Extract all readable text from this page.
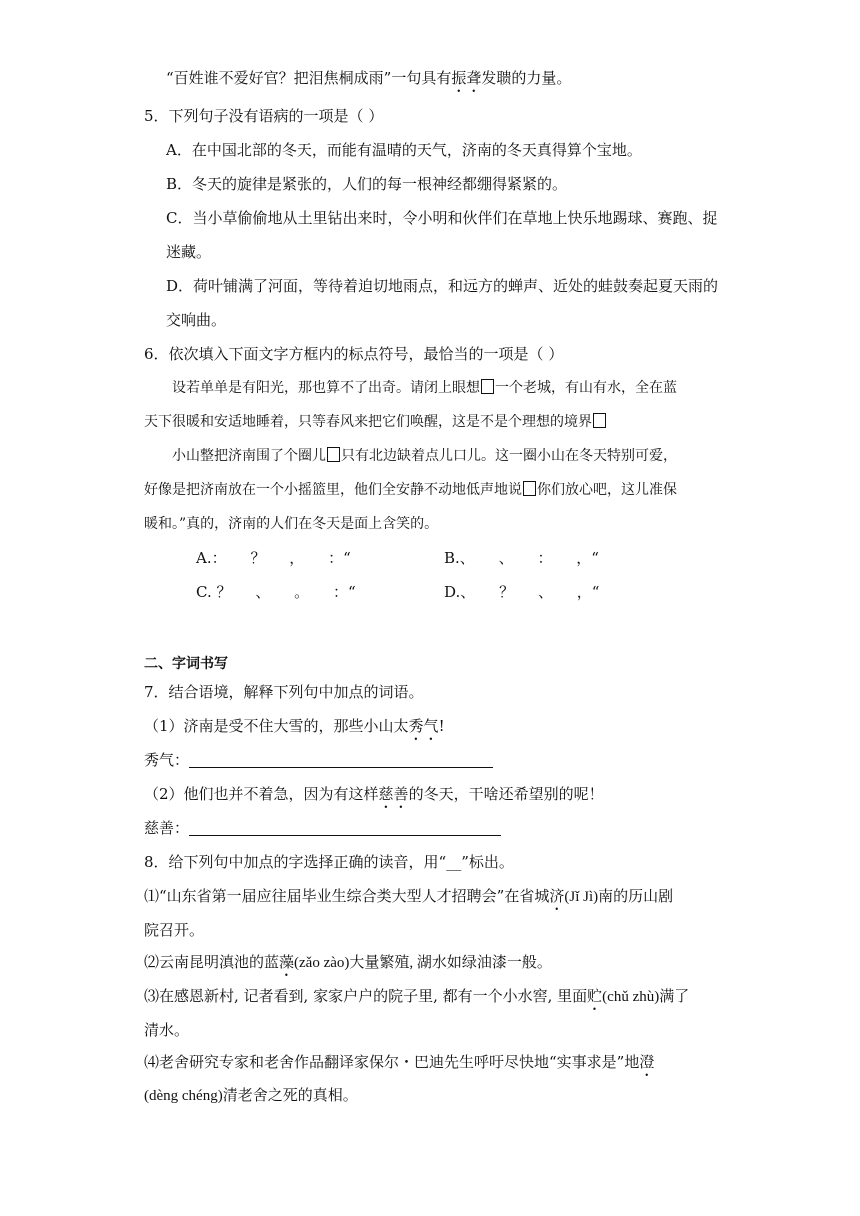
“百姓谁不爱好官？把泪焦桐成雨”一句具有振聋发聩的力量。
5．下列句子没有语病的一项是（ ）
A．在中国北部的冬天，而能有温晴的天气，济南的冬天真得算个宝地。
B．冬天的旋律是紧张的，人们的每一根神经都绷得紧紧的。
C．当小草偷偷地从土里钻出来时，令小明和伙伴们在草地上快乐地踢球、赛跑、捉
迷藏。
D．荷叶铺满了河面，等待着迫切地雨点，和远方的蝉声、近处的蛙鼓奏起夏天雨的
交响曲。
6．依次填入下面文字方框内的标点符号，最恰当的一项是（ ）
设若单单是有阳光，那也算不了出奇。请闭上眼想 一个老城，有山有水，全在蓝
天下很暖和安适地睡着，只等春风来把它们唤醒，这是不是个理想的境界
小山整把济南围了个圈儿 只有北边缺着点儿口儿。这一圈小山在冬天特别可爱，
好像是把济南放在一个小摇篮里，他们全安静不动地低声地说 你们放心吧，这儿准保
暖和。”真的，济南的人们在冬天是面上含笑的。
A.：     ？     ，     ：“	B.、     、     ：     ，“
C. ？     、     。     ：“	D.、     ？     、     ，“
二、字词书写
7．结合语境，解释下列句中加点的词语。
（1）济南是受不住大雪的，那些小山太秀气!
秀气：
（2）他们也并不着急，因为有这样慈善的冬天，干啥还希望别的呢！
慈善：
8．给下列句中加点的字选择正确的读音，用“__”标出。
⑴“山东省第一届应往届毕业生综合类大型人才招聘会”在省城济(Jǐ Jì)南的历山剧
院召开。
⑵云南昆明滇池的蓝藻(zǎo zào)大量繁殖, 湖水如绿油漆一般。
⑶在感恩新村, 记者看到, 家家户户的院子里, 都有一个小水窖, 里面贮(chǔ zhù)满了
清水。
⑷老舍研究专家和老舍作品翻译家保尔・巴迪先生呼吁尽快地“实事求是”地澄
(dèng chéng)清老舍之死的真相。
